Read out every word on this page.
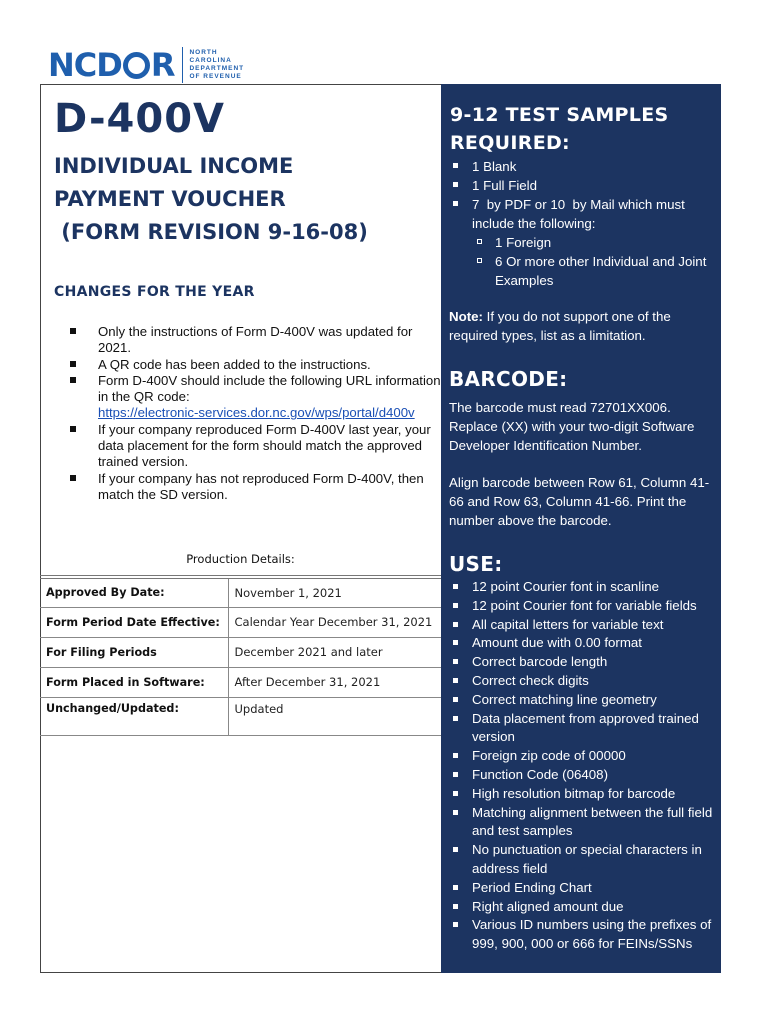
NC D R NORTH
CAROLINA
DEPARTMENT
OF REVENUE
D-400V
INDIVIDUAL INCOME
PAYMENT VOUCHER
(FORM REVISION 9-16-08)
CHANGES FOR THE YEAR
Only the instructions of Form D-400V was updated for 2021.
A QR code has been added to the instructions.
Form D-400V should include the following URL information in the QR code:
https://electronic-services.dor.nc.gov/wps/portal/d400v
If your company reproduced Form D-400V last year, your data placement for the form should match the approved trained version.
If your company has not reproduced Form D-400V, then match the SD version.
Production Details:
Approved By Date:	November 1, 2021
Form Period Date Effective:	Calendar Year December 31, 2021
For Filing Periods	December 2021 and later
Form Placed in Software:	After December 31, 2021
Unchanged/Updated:	Updated
9-12 TEST SAMPLES
REQUIRED:
1 Blank
1 Full Field
7  by PDF or 10  by Mail which must include the following:
1 Foreign
6 Or more other Individual and Joint Examples
Note: If you do not support one of the required types, list as a limitation.
BARCODE:
The barcode must read 72701XX006. Replace (XX) with your two-digit Software Developer Identification Number.
Align barcode between Row 61, Column 41-66 and Row 63, Column 41-66. Print the number above the barcode.
USE:
12 point Courier font in scanline
12 point Courier font for variable fields
All capital letters for variable text
Amount due with 0.00 format
Correct barcode length
Correct check digits
Correct matching line geometry
Data placement from approved trained version
Foreign zip code of 00000
Function Code (06408)
High resolution bitmap for barcode
Matching alignment between the full field and test samples
No punctuation or special characters in address field
Period Ending Chart
Right aligned amount due
Various ID numbers using the prefixes of 999, 900, 000 or 666 for FEINs/SSNs
